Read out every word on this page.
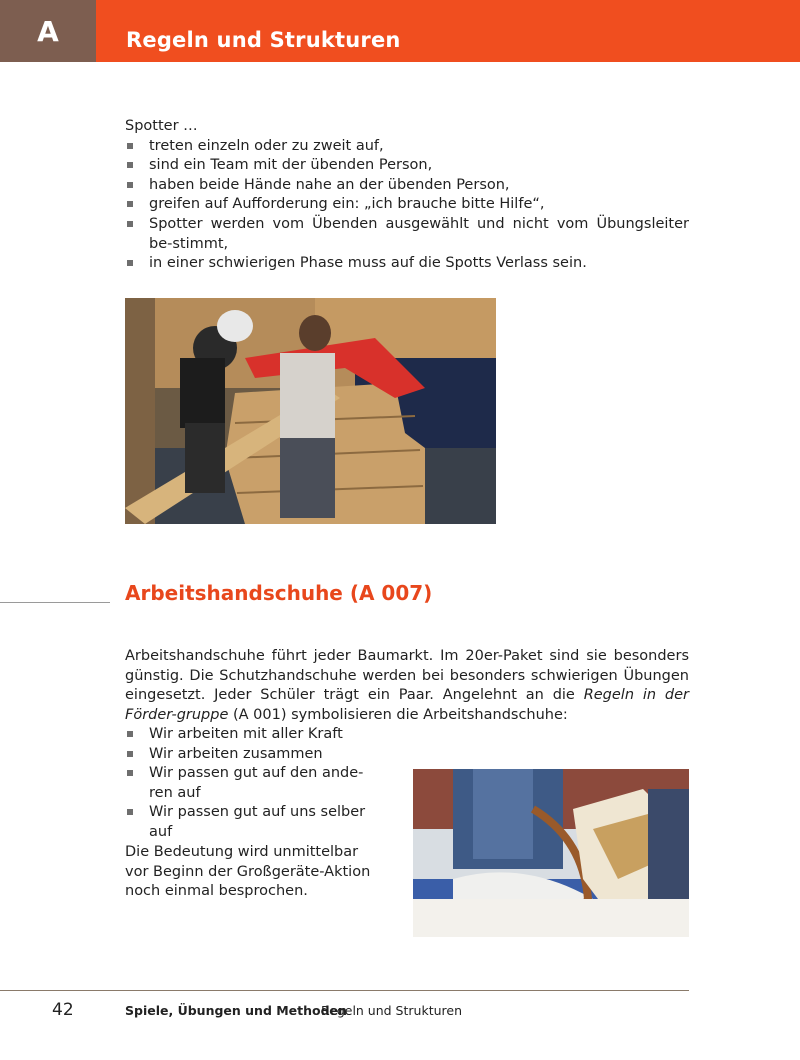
A	Regeln und Strukturen
Spotter …
treten einzeln oder zu zweit auf,
sind ein Team mit der übenden Person,
haben beide Hände nahe an der übenden Person,
greifen auf Aufforderung ein: „ich brauche bitte Hilfe“,
Spotter werden vom Übenden ausgewählt und nicht vom Übungsleiter be-stimmt,
in einer schwierigen Phase muss auf die Spotts Verlass sein.
Arbeitshandschuhe (A 007)
Arbeitshandschuhe führt jeder Baumarkt. Im 20er-Paket sind sie besonders günstig. Die Schutzhandschuhe werden bei besonders schwierigen Übungen eingesetzt. Jeder Schüler trägt ein Paar. Angelehnt an die Regeln in der Förder-gruppe (A 001) symbolisieren die Arbeitshandschuhe:
Wir arbeiten mit aller Kraft
Wir arbeiten zusammen
Wir passen gut auf den ande-ren auf
Wir passen gut auf uns selber auf
Die Bedeutung wird unmittelbar vor Beginn der Großgeräte-Aktion noch einmal besprochen.
42	Spiele, Übungen und Methoden
Regeln und Strukturen
